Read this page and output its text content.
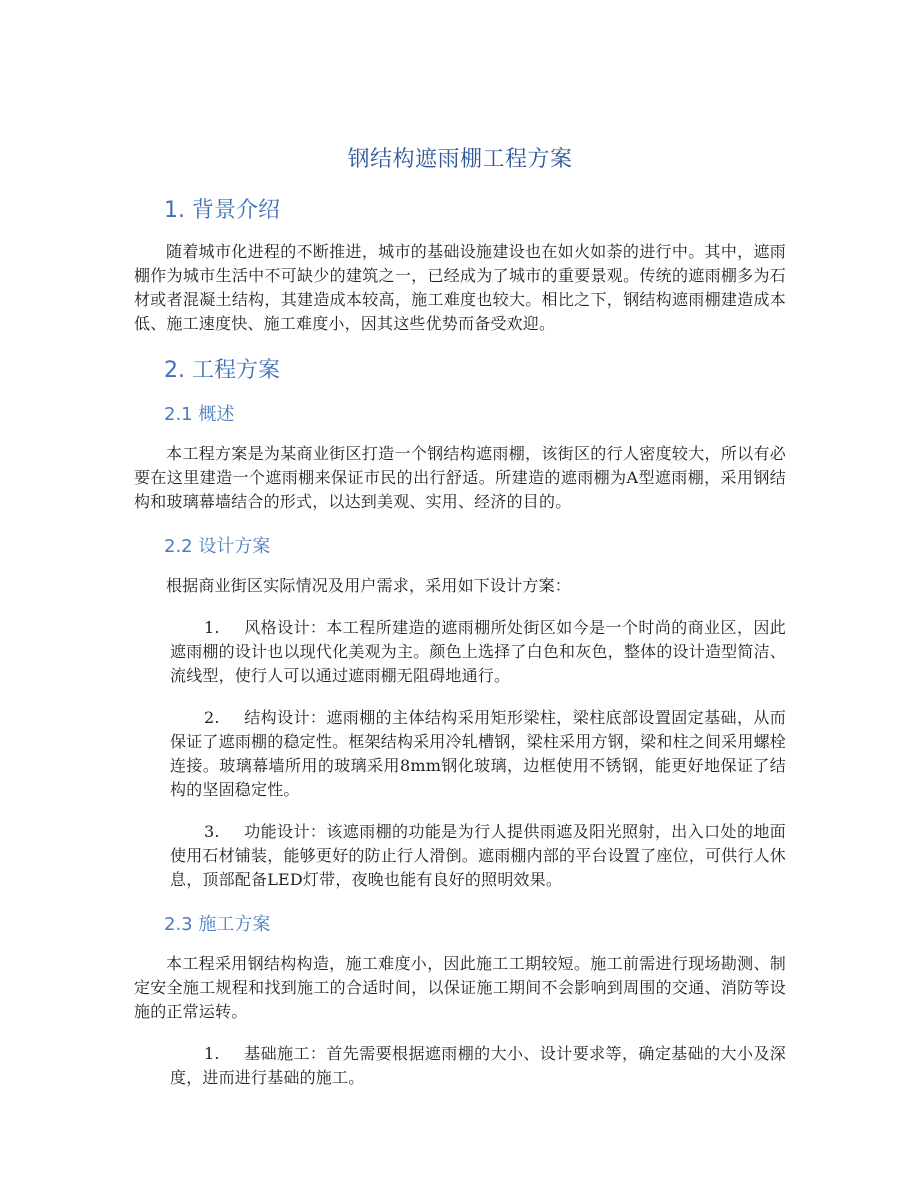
钢结构遮雨棚工程方案
1. 背景介绍

随着城市化进程的不断推进，城市的基础设施建设也在如火如荼的进行中。其中，遮雨棚作为城市生活中不可缺少的建筑之一，已经成为了城市的重要景观。传统的遮雨棚多为石材或者混凝土结构，其建造成本较高，施工难度也较大。相比之下，钢结构遮雨棚建造成本低、施工速度快、施工难度小，因其这些优势而备受欢迎。

2. 工程方案
2.1 概述

本工程方案是为某商业街区打造一个钢结构遮雨棚，该街区的行人密度较大，所以有必要在这里建造一个遮雨棚来保证市民的出行舒适。所建造的遮雨棚为A型遮雨棚，采用钢结构和玻璃幕墙结合的形式，以达到美观、实用、经济的目的。

2.2 设计方案

根据商业街区实际情况及用户需求，采用如下设计方案：

1. 风格设计：本工程所建造的遮雨棚所处街区如今是一个时尚的商业区，因此遮雨棚的设计也以现代化美观为主。颜色上选择了白色和灰色，整体的设计造型简洁、流线型，使行人可以通过遮雨棚无阻碍地通行。
2. 结构设计：遮雨棚的主体结构采用矩形梁柱，梁柱底部设置固定基础，从而保证了遮雨棚的稳定性。框架结构采用冷轧槽钢，梁柱采用方钢，梁和柱之间采用螺栓连接。玻璃幕墙所用的玻璃采用8mm钢化玻璃，边框使用不锈钢，能更好地保证了结构的坚固稳定性。
3. 功能设计：该遮雨棚的功能是为行人提供雨遮及阳光照射，出入口处的地面使用石材铺装，能够更好的防止行人滑倒。遮雨棚内部的平台设置了座位，可供行人休息，顶部配备LED灯带，夜晚也能有良好的照明效果。
2.3 施工方案

本工程采用钢结构构造，施工难度小，因此施工工期较短。施工前需进行现场勘测、制定安全施工规程和找到施工的合适时间，以保证施工期间不会影响到周围的交通、消防等设施的正常运转。

1. 基础施工：首先需要根据遮雨棚的大小、设计要求等，确定基础的大小及深度，进而进行基础的施工。
